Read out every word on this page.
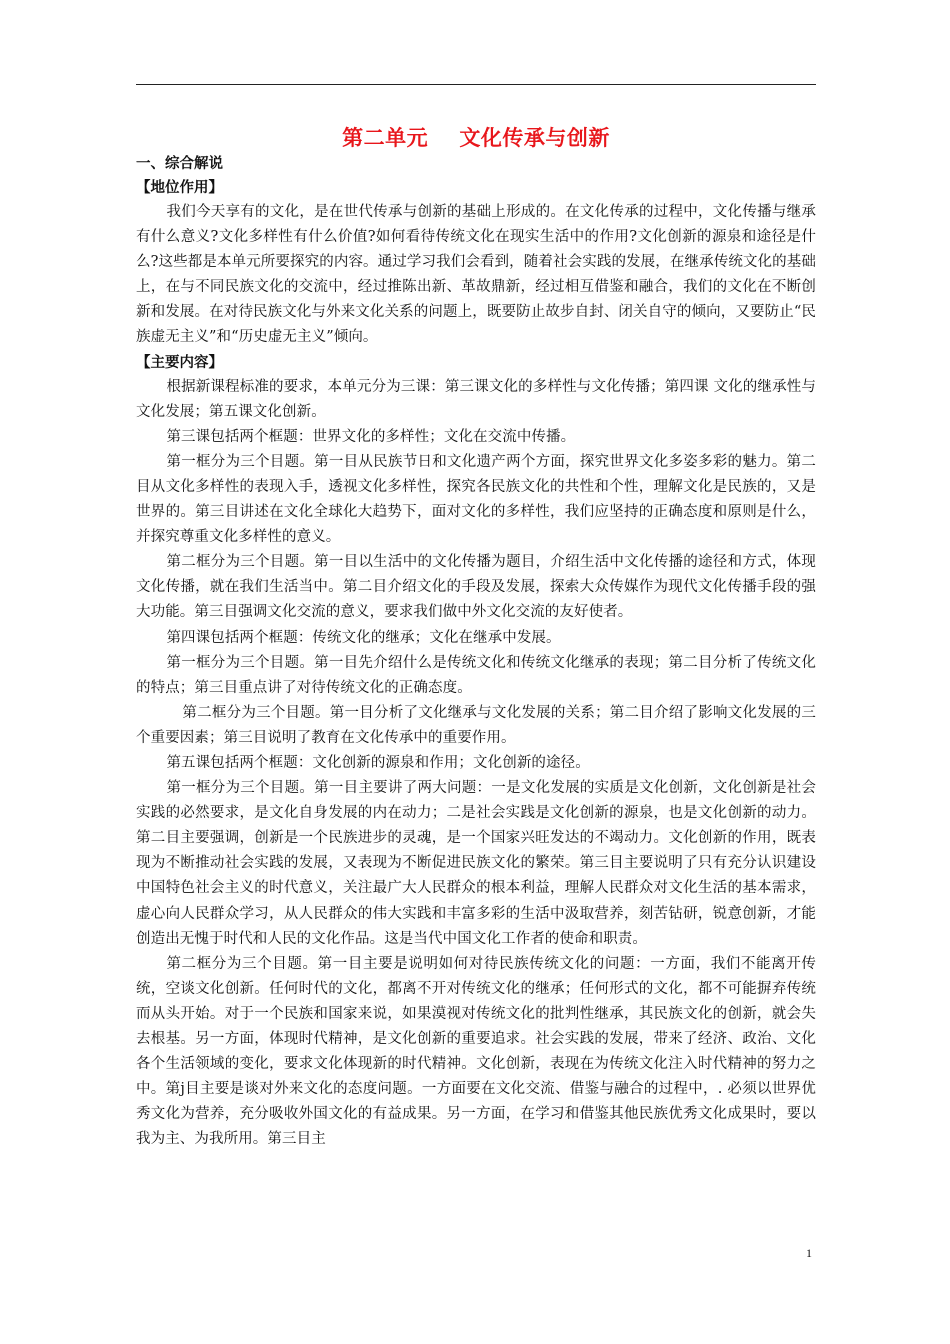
第二单元    文化传承与创新
一、综合解说
【地位作用】

我们今天享有的文化，是在世代传承与创新的基础上形成的。在文化传承的过程中，文化传播与继承有什么意义?文化多样性有什么价值?如何看待传统文化在现实生活中的作用?文化创新的源泉和途径是什么?这些都是本单元所要探究的内容。通过学习我们会看到，随着社会实践的发展，在继承传统文化的基础上，在与不同民族文化的交流中，经过推陈出新、革故鼎新，经过相互借鉴和融合，我们的文化在不断创新和发展。在对待民族文化与外来文化关系的问题上，既要防止故步自封、闭关自守的倾向，又要防止“民族虚无主义”和“历史虚无主义”倾向。

【主要内容】

根据新课程标准的要求，本单元分为三课：第三课文化的多样性与文化传播；第四课 文化的继承性与文化发展；第五课文化创新。

第三课包括两个框题：世界文化的多样性；文化在交流中传播。

第一框分为三个目题。第一目从民族节日和文化遗产两个方面，探究世界文化多姿多彩的魅力。第二目从文化多样性的表现入手，透视文化多样性，探究各民族文化的共性和个性，理解文化是民族的，又是世界的。第三目讲述在文化全球化大趋势下，面对文化的多样性，我们应坚持的正确态度和原则是什么，并探究尊重文化多样性的意义。

第二框分为三个目题。第一目以生活中的文化传播为题目，介绍生活中文化传播的途径和方式，体现文化传播，就在我们生活当中。第二目介绍文化的手段及发展，探索大众传媒作为现代文化传播手段的强大功能。第三目强调文化交流的意义，要求我们做中外文化交流的友好使者。

第四课包括两个框题：传统文化的继承；文化在继承中发展。

第一框分为三个目题。第一目先介绍什么是传统文化和传统文化继承的表现；第二目分析了传统文化的特点；第三目重点讲了对待传统文化的正确态度。

第二框分为三个目题。第一目分析了文化继承与文化发展的关系；第二目介绍了影响文化发展的三个重要因素；第三目说明了教育在文化传承中的重要作用。

第五课包括两个框题：文化创新的源泉和作用；文化创新的途径。

第一框分为三个目题。第一目主要讲了两大问题：一是文化发展的实质是文化创新，文化创新是社会实践的必然要求，是文化自身发展的内在动力；二是社会实践是文化创新的源泉，也是文化创新的动力。第二目主要强调，创新是一个民族进步的灵魂，是一个国家兴旺发达的不竭动力。文化创新的作用，既表现为不断推动社会实践的发展，又表现为不断促进民族文化的繁荣。第三目主要说明了只有充分认识建设中国特色社会主义的时代意义，关注最广大人民群众的根本利益，理解人民群众对文化生活的基本需求，虚心向人民群众学习，从人民群众的伟大实践和丰富多彩的生活中汲取营养，刻苦钻研，锐意创新，才能创造出无愧于时代和人民的文化作品。这是当代中国文化工作者的使命和职责。

第二框分为三个目题。第一目主要是说明如何对待民族传统文化的问题：一方面，我们不能离开传统，空谈文化创新。任何时代的文化，都离不开对传统文化的继承；任何形式的文化，都不可能摒弃传统而从头开始。对于一个民族和国家来说，如果漠视对传统文化的批判性继承，其民族文化的创新，就会失去根基。另一方面，体现时代精神，是文化创新的重要追求。社会实践的发展，带来了经济、政治、文化各个生活领域的变化，要求文化体现新的时代精神。文化创新，表现在为传统文化注入时代精神的努力之中。第j目主要是谈对外来文化的态度问题。一方面要在文化交流、借鉴与融合的过程中，. 必须以世界优秀文化为营养，充分吸收外国文化的有益成果。另一方面，在学习和借鉴其他民族优秀文化成果时，要以我为主、为我所用。第三目主

1
